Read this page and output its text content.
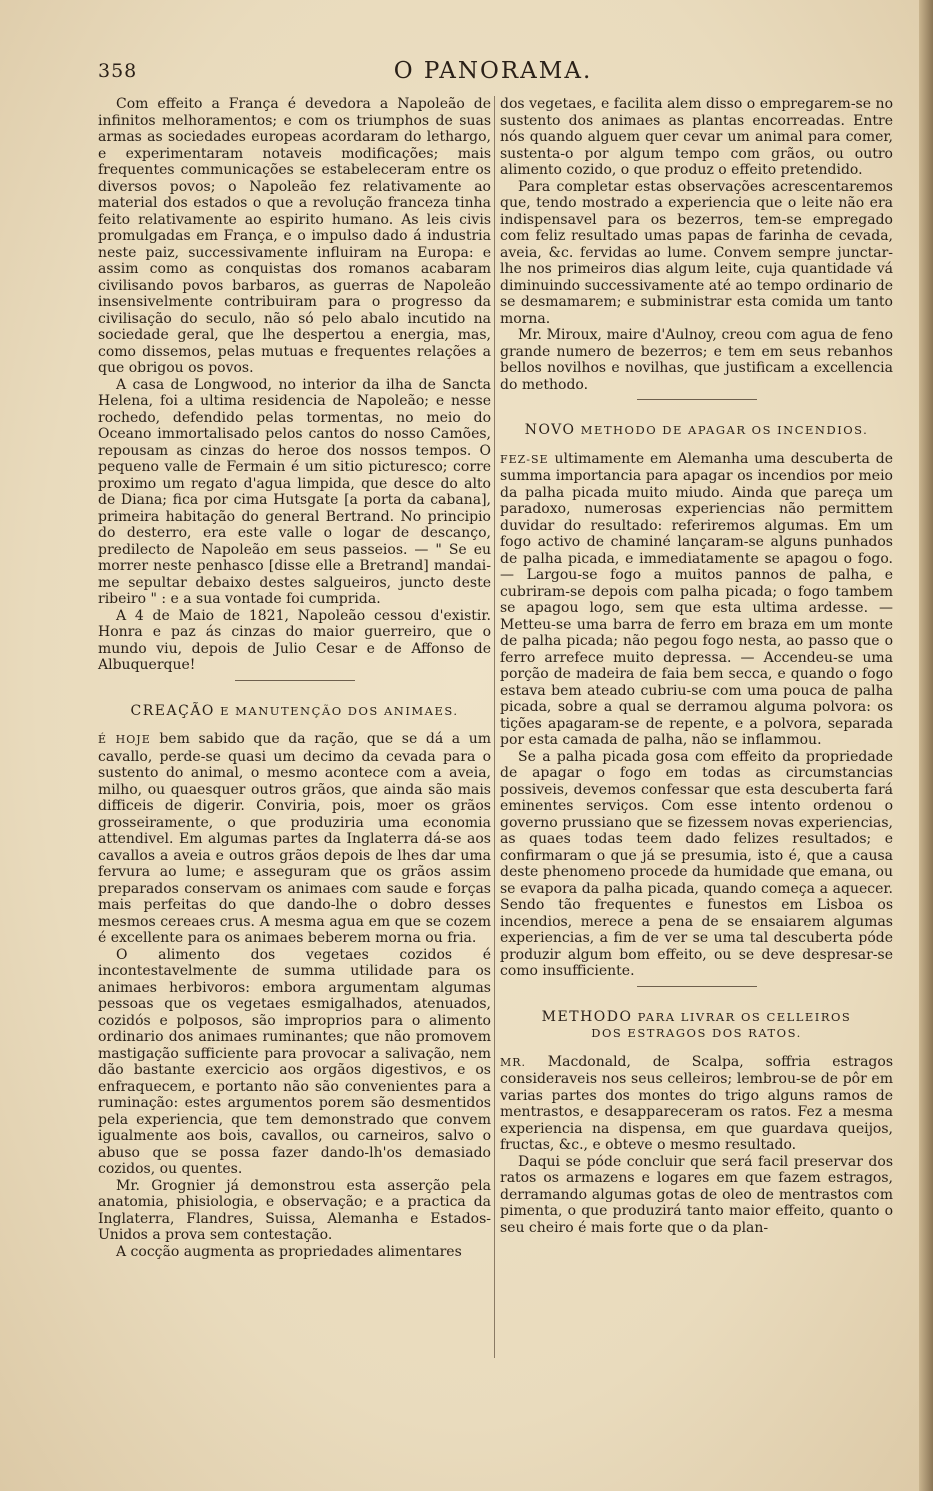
358	O PANORAMA.

Com effeito a França é devedora a Napoleão de infinitos melhoramentos; e com os triumphos de suas armas as sociedades europeas acordaram do lethargo, e experimentaram notaveis modificações; mais frequentes communicações se estabeleceram entre os diversos povos; o Napoleão fez relativamente ao material dos estados o que a revolução franceza tinha feito relativamente ao espirito humano. As leis civis promulgadas em França, e o impulso dado á industria neste paiz, successivamente influiram na Europa: e assim como as conquistas dos romanos acabaram civilisando povos barbaros, as guerras de Napoleão insensivelmente contribuiram para o progresso da civilisação do seculo, não só pelo abalo incutido na sociedade geral, que lhe despertou a energia, mas, como dissemos, pelas mutuas e frequentes relações a que obrigou os povos.

A casa de Longwood, no interior da ilha de Sancta Helena, foi a ultima residencia de Napoleão; e nesse rochedo, defendido pelas tormentas, no meio do Oceano immortalisado pelos cantos do nosso Camões, repousam as cinzas do heroe dos nossos tempos. O pequeno valle de Fermain é um sitio picturesco; corre proximo um regato d'agua limpida, que desce do alto de Diana; fica por cima Hutsgate [a porta da cabana], primeira habitação do general Bertrand. No principio do desterro, era este valle o logar de descanço, predilecto de Napoleão em seus passeios. — " Se eu morrer neste penhasco [disse elle a Bretrand] mandai-me sepultar debaixo destes salgueiros, juncto deste ribeiro " : e a sua vontade foi cumprida.

A 4 de Maio de 1821, Napoleão cessou d'existir. Honra e paz ás cinzas do maior guerreiro, que o mundo viu, depois de Julio Cesar e de Affonso de Albuquerque!

CREAÇÃO E MANUTENÇÃO DOS ANIMAES.

É HOJE bem sabido que da ração, que se dá a um cavallo, perde-se quasi um decimo da cevada para o sustento do animal, o mesmo acontece com a aveia, milho, ou quaesquer outros grãos, que ainda são mais difficeis de digerir. Conviria, pois, moer os grãos grosseiramente, o que produziria uma economia attendivel. Em algumas partes da Inglaterra dá-se aos cavallos a aveia e outros grãos depois de lhes dar uma fervura ao lume; e asseguram que os grãos assim preparados conservam os animaes com saude e forças mais perfeitas do que dando-lhe o dobro desses mesmos cereaes crus. A mesma agua em que se cozem é excellente para os animaes beberem morna ou fria.

O alimento dos vegetaes cozidos é incontestavelmente de summa utilidade para os animaes herbivoros: embora argumentam algumas pessoas que os vegetaes esmigalhados, atenuados, cozidós e polposos, são improprios para o alimento ordinario dos animaes ruminantes; que não promovem mastigação sufficiente para provocar a salivação, nem dão bastante exercicio aos orgãos digestivos, e os enfraquecem, e portanto não são convenientes para a ruminação: estes argumentos porem são desmentidos pela experiencia, que tem demonstrado que convem igualmente aos bois, cavallos, ou carneiros, salvo o abuso que se possa fazer dando-lh'os demasiado cozidos, ou quentes.

Mr. Grognier já demonstrou esta asserção pela anatomia, phisiologia, e observação; e a practica da Inglaterra, Flandres, Suissa, Alemanha e Estados-Unidos a prova sem contestação.

A cocção augmenta as propriedades alimentares

dos vegetaes, e facilita alem disso o empregarem-se no sustento dos animaes as plantas encorreadas. Entre nós quando alguem quer cevar um animal para comer, sustenta-o por algum tempo com grãos, ou outro alimento cozido, o que produz o effeito pretendido.

Para completar estas observações acrescentaremos que, tendo mostrado a experiencia que o leite não era indispensavel para os bezerros, tem-se empregado com feliz resultado umas papas de farinha de cevada, aveia, &c. fervidas ao lume. Convem sempre junctar-lhe nos primeiros dias algum leite, cuja quantidade vá diminuindo successivamente até ao tempo ordinario de se desmamarem; e subministrar esta comida um tanto morna.

Mr. Miroux, maire d'Aulnoy, creou com agua de feno grande numero de bezerros; e tem em seus rebanhos bellos novilhos e novilhas, que justificam a excellencia do methodo.

NOVO METHODO DE APAGAR OS INCENDIOS.

FEZ-SE ultimamente em Alemanha uma descuberta de summa importancia para apagar os incendios por meio da palha picada muito miudo. Ainda que pareça um paradoxo, numerosas experiencias não permittem duvidar do resultado: referiremos algumas. Em um fogo activo de chaminé lançaram-se alguns punhados de palha picada, e immediatamente se apagou o fogo. — Largou-se fogo a muitos pannos de palha, e cubriram-se depois com palha picada; o fogo tambem se apagou logo, sem que esta ultima ardesse. — Metteu-se uma barra de ferro em braza em um monte de palha picada; não pegou fogo nesta, ao passo que o ferro arrefece muito depressa. — Accendeu-se uma porção de madeira de faia bem secca, e quando o fogo estava bem ateado cubriu-se com uma pouca de palha picada, sobre a qual se derramou alguma polvora: os tições apagaram-se de repente, e a polvora, separada por esta camada de palha, não se inflammou.

Se a palha picada gosa com effeito da propriedade de apagar o fogo em todas as circumstancias possiveis, devemos confessar que esta descuberta fará eminentes serviços. Com esse intento ordenou o governo prussiano que se fizessem novas experiencias, as quaes todas teem dado felizes resultados; e confirmaram o que já se presumia, isto é, que a causa deste phenomeno procede da humidade que emana, ou se evapora da palha picada, quando começa a aquecer. Sendo tão frequentes e funestos em Lisboa os incendios, merece a pena de se ensaiarem algumas experiencias, a fim de ver se uma tal descuberta póde produzir algum bom effeito, ou se deve despresar-se como insufficiente.

METHODO PARA LIVRAR OS CELLEIROS
DOS ESTRAGOS DOS RATOS.

MR. Macdonald, de Scalpa, soffria estragos consideraveis nos seus celleiros; lembrou-se de pôr em varias partes dos montes do trigo alguns ramos de mentrastos, e desappareceram os ratos. Fez a mesma experiencia na dispensa, em que guardava queijos, fructas, &c., e obteve o mesmo resultado.

Daqui se póde concluir que será facil preservar dos ratos os armazens e logares em que fazem estragos, derramando algumas gotas de oleo de mentrastos com pimenta, o que produzirá tanto maior effeito, quanto o seu cheiro é mais forte que o da plan-
